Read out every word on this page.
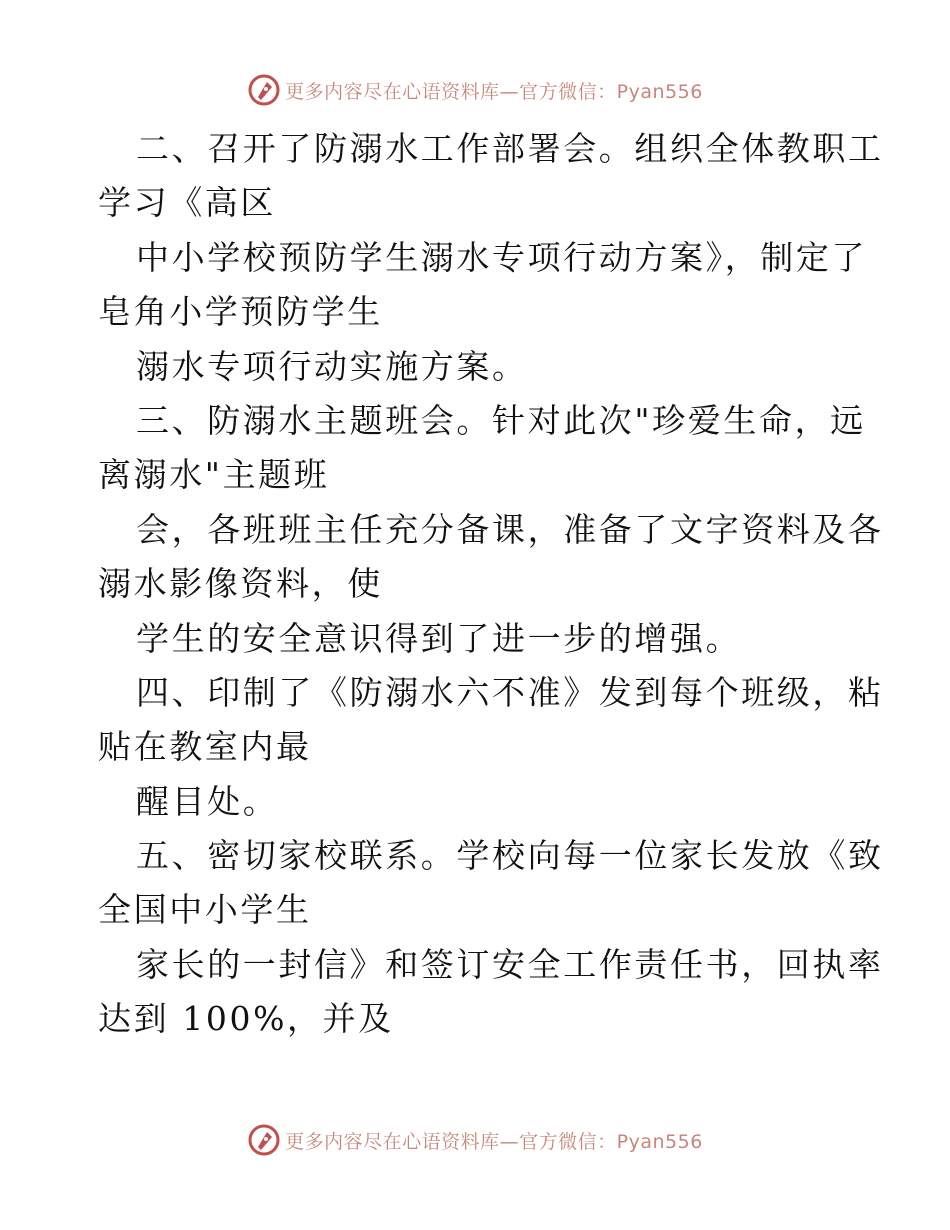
更多内容尽在心语资料库—官方微信：Pyan556
二、召开了防溺水工作部署会。组织全体教职工
学习《高区
中小学校预防学生溺水专项行动方案》，制定了
皂角小学预防学生
溺水专项行动实施方案。
三、防溺水主题班会。针对此次"珍爱生命，远
离溺水"主题班
会，各班班主任充分备课，准备了文字资料及各
溺水影像资料，使
学生的安全意识得到了进一步的增强。
四、印制了《防溺水六不准》发到每个班级，粘
贴在教室内最
醒目处。
五、密切家校联系。学校向每一位家长发放《致
全国中小学生
家长的一封信》和签订安全工作责任书，回执率
达到 100%，并及
更多内容尽在心语资料库—官方微信：Pyan556
